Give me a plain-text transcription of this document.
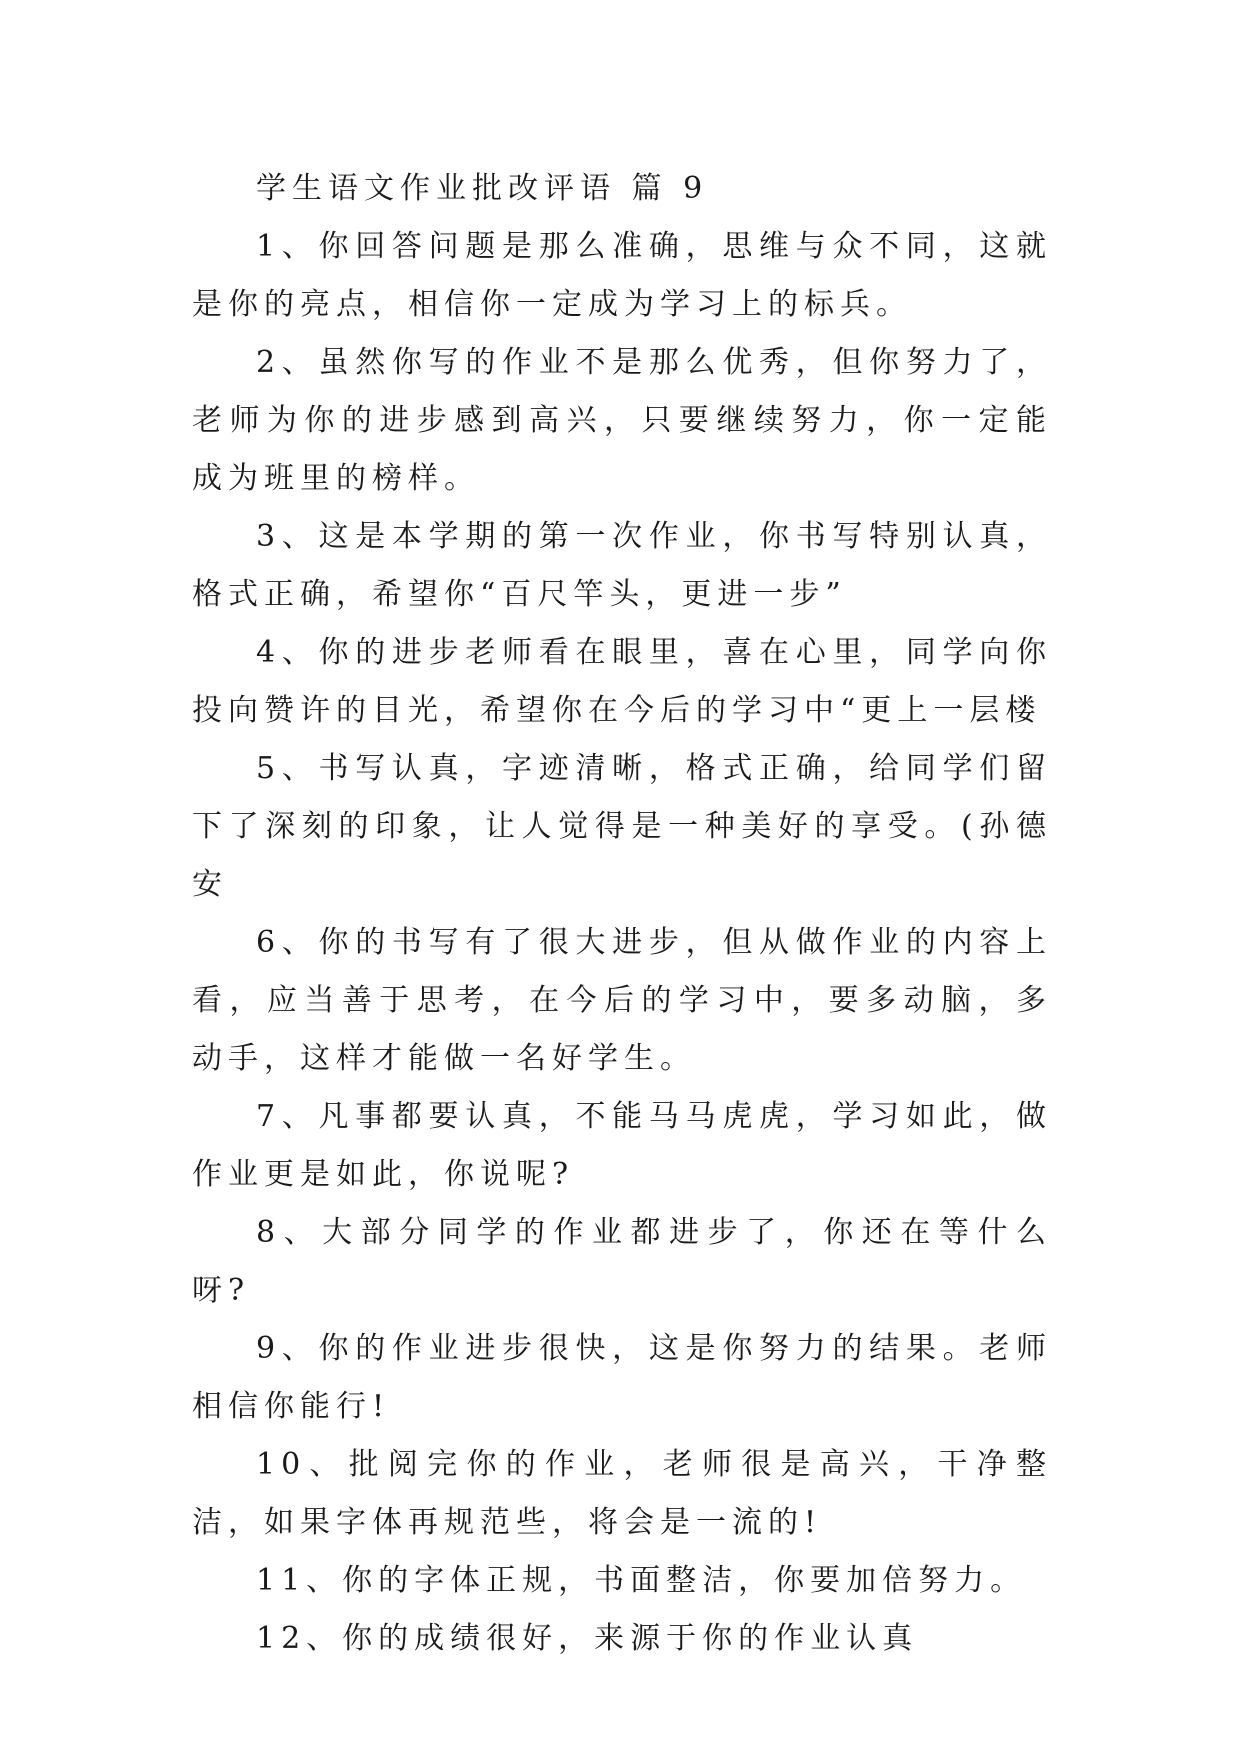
学生语文作业批改评语 篇 9

1、你回答问题是那么准确，思维与众不同，这就是你的亮点，相信你一定成为学习上的标兵。

2、虽然你写的作业不是那么优秀，但你努力了，老师为你的进步感到高兴，只要继续努力，你一定能成为班里的榜样。

3、这是本学期的第一次作业，你书写特别认真，格式正确，希望你“百尺竿头，更进一步”

4、你的进步老师看在眼里，喜在心里，同学向你投向赞许的目光，希望你在今后的学习中“更上一层楼

5、书写认真，字迹清晰，格式正确，给同学们留下了深刻的印象，让人觉得是一种美好的享受。(孙德安

6、你的书写有了很大进步，但从做作业的内容上看，应当善于思考，在今后的学习中，要多动脑，多动手，这样才能做一名好学生。

7、凡事都要认真，不能马马虎虎，学习如此，做作业更是如此，你说呢?

8、大部分同学的作业都进步了，你还在等什么呀?

9、你的作业进步很快，这是你努力的结果。老师相信你能行!

10、批阅完你的作业，老师很是高兴，干净整洁，如果字体再规范些，将会是一流的!

11、你的字体正规，书面整洁，你要加倍努力。

12、你的成绩很好，来源于你的作业认真
